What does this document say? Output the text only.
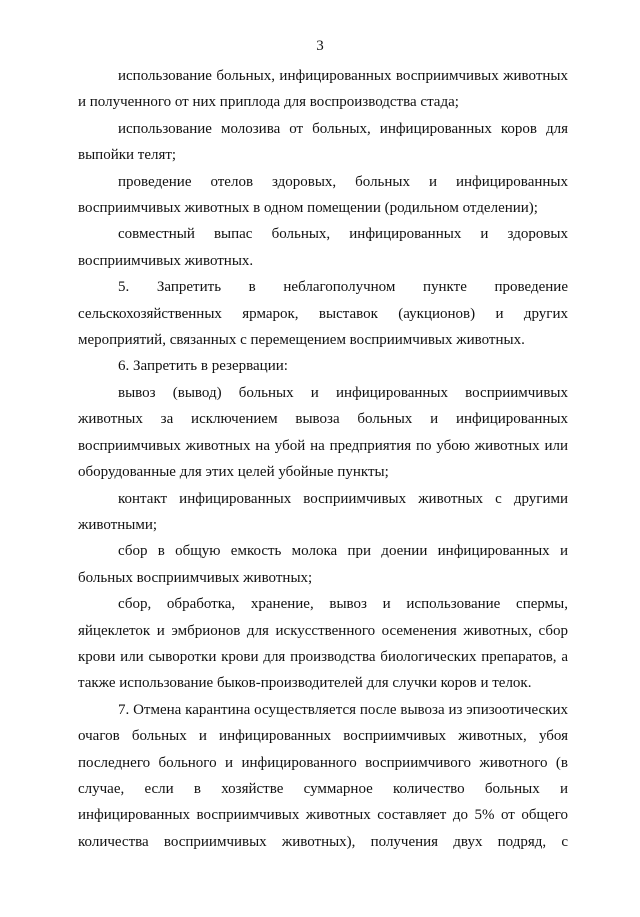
3

использование больных, инфицированных восприимчивых животных и полученного от них приплода для воспроизводства стада;

использование молозива от больных, инфицированных коров для выпойки телят;

проведение отелов здоровых, больных и инфицированных восприимчивых животных в одном помещении (родильном отделении);

совместный выпас больных, инфицированных и здоровых восприимчивых животных.

5. Запретить в неблагополучном пункте проведение сельскохозяйственных ярмарок, выставок (аукционов) и других мероприятий, связанных с перемещением восприимчивых животных.

6. Запретить в резервации:

вывоз (вывод) больных и инфицированных восприимчивых животных за исключением вывоза больных и инфицированных восприимчивых животных на убой на предприятия по убою животных или оборудованные для этих целей убойные пункты;

контакт инфицированных восприимчивых животных с другими животными;

сбор в общую емкость молока при доении инфицированных и больных восприимчивых животных;

сбор, обработка, хранение, вывоз и использование спермы, яйцеклеток и эмбрионов для искусственного осеменения животных, сбор крови или сыворотки крови для производства биологических препаратов, а также использование быков-производителей для случки коров и телок.

7. Отмена карантина осуществляется после вывоза из эпизоотических очагов больных и инфицированных восприимчивых животных, убоя последнего больного и инфицированного восприимчивого животного (в случае, если в хозяйстве суммарное количество больных и инфицированных восприимчивых животных составляет до 5% от общего количества восприимчивых животных), получения двух подряд, с
